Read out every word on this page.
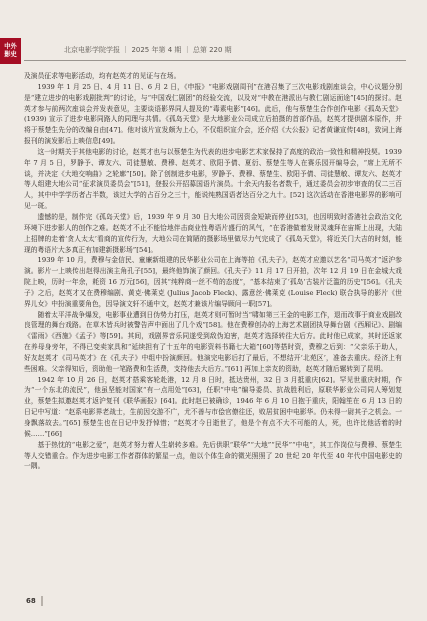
中外
影史
北京电影学院学报 ｜ 2025 年第 4 期 ｜ 总第 220 期

及演员征求等电影活动，均有赵英才的见证与在场。

1939 年 1 月 25 日、4 月 11 日、6 月 2 日，《申报》“电影戏剧周刊”在港召集了三次电影戏剧座谈会，中心议题分别是“建立进步的电影戏剧批判”的讨论，与“中国戏仁剧团”的经验交流，以及对“中教在港派出与教仁剧运面途”[45]的探讨。赵英才参与前两次座谈会并发表意见，主要谈语影界同人提及的“毒素电影”[46]。此后，他与蔡楚生合作创作电影《孤岛天堂》(1939) 宣示了进步电影同路人的同理与共情。《孤岛天堂》是大地影业公司成立后拍摄的首部作品，赵英才提供剧本原作，并将于蔡楚生先分的改编自由[47]。他对该片宣发颇为上心，不仅组织宣介会，还介绍《大公报》记者黄谦宣传[48]，致词上海报刊的演发影后上映信息[49]。

这一时期关于其他电影的讨论，赵英才也与以蔡楚生为代表的进步电影艺术家保持了高度的政治一致性和精神投契。1939 年 7 月 5 日，罗静予、谭友六、司徒慧敏、费穆、赵英才、欧阳予倩、夏衍、蔡楚生等人在赛乐园开编导会，“席上无所不谈，并决定《大地交响曲》之轮廓”[50]。除了创制进步电影，罗静予、费穆、蔡楚生、欧阳予倩、司徒慧敏、谭友六、赵英才等人组建大地公司“征求演员委员会”[51]，登报公开招募国语片演员。十余天内报名者数千，通过委员会初步审查的仅二三百人，其中中学学历者占半数，该过大学的占百分之三十，能说纯熟国语者达百分之九十。[52] 这次活动在香港电影界的影响可见一斑。

遗憾的是，制作完《孤岛天堂》后，1939 年 9 月 30 日大地公司因资金短缺而停业[53]，也因明致时香港社会政治文化环境下进步影人的创作之难。赵英才不止不能恰地伴击商业性粤语片盛行的风气，“在香港做着发财灵魂拜在宙斯上出现，大陆上招牌的走着‘贪人太太’看商的宣传行为，大地公司在简陋的摄影场里做尽力气完成了《孤岛天堂》，将近关门大吉的时刻，能现的粤语片大多真正有加建新摄影场”[54]。

1939 年 10 月，费穆与金信民、童廉新组建的民华影业公司在上海等拍《孔夫子》，赵英才应邀以艺名“司马英才”返沪参演。影片一上映传出赵得出演主角孔子[55]，最终他饰演了颜回。《孔夫子》11 月 17 日开拍，次年 12 月 19 日在金城大戏院上映，历时一年余，耗资 16 万元[56]，因其“纯粹商一丝不苟的态度”，“基本结束了‘孤岛’古装片泛滥的历史”[56]。《孔夫子》之后，赵英才又在费穆编剧、黄克·佛莱克 (Julius Jacob Fleck)、露意丝·佛莱克 (Louise Fleck) 联合执导的影片《世界儿女》中扮演重要角色，因导演文轩不通中文，赵英才兼该片编导顾问一职[57]。

随着太平洋战争爆发，电影事业遭到日伪势力打压，赵英才则可暂时当“啸如第三王金的电影工作，退而改事于商业戏剧改良管理的舞台戏路。在草木皆兵时被警告声中面出了几个戏”[58]。他在费穆创办的上海艺术剧团执导舞台剧《西厢记》、剧编《雷雨》《西施》《孟子》等[59]。其间，戏剧界音乐同遂受到敌伪迫害，赵英才选择转往大后方。此时他已成家，其时还返家在养母身旁年，不得已变卖家具和“延续担有了十五年的电影资料书籍七大箱”[60]等搭时资，费穆之后到：“父亲乐于助人，好友赵英才《司马英才》在《孔夫子》中组中扮演颜回。他演完电影后打了最后，不想结开‘北苑区’，准备去重庆。经济上有些困难。父亲得知后，资助他一笔路费和生活费，支持他去大后方。”[61] 再加上亲友的资助，赵英才随后辗转到了昆明。

1942 年 10 月 26 日，赵英才搭乘客轮赴港，12 月 8 日时，抵达贵州，32 日 3 月抵重庆[62]。罕见世重庆时期，作为“一个东北的流民”，他虽坚能对国家“有一点用处”[63]，任职“中电”编导委员、抗战胜利后，原联华影业公司同人筹划复业，蔡楚生拟邀赵英才返沪复刊《联华画报》[64]。此时赵已被确诊，1946 年 6 月 10 日抱于重庆，阳翰笙在 6 月 13 日的日记中写道：“赵系电影界老战士，生前因交游不广，尤不善与市侩官僚往还，败居贫困中电影华。仍未得一尉其子之机会。一身飘落故去。”[65] 蔡楚生也在日记中发抒悼惜；“赵英才今日逝世了，他是个有点不大不可能的人，死，也许比他活着的时候……”[66]

基于热忱的“电影之爱”，赵英才努力着人生崭转多难。先后供职“联华”“大地”“民华”“中电”，其工作岗位与费穆、蔡楚生等人交错重合。作为进步电影工作者群体的繁星一点，他以个体生命的微光照照了 20 世纪 20 年代至 40 年代中国电影史的一隅。

68
